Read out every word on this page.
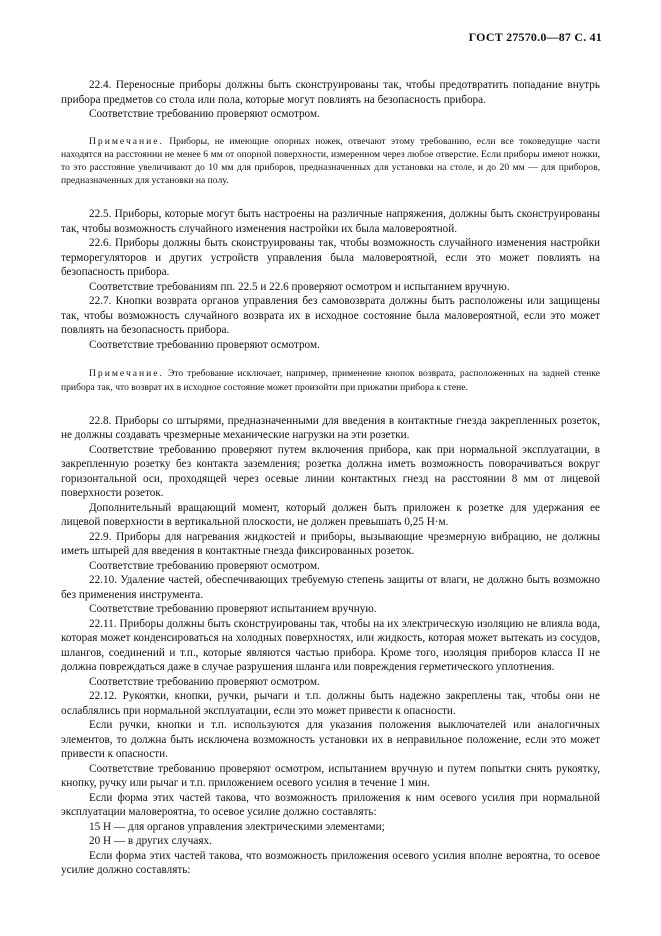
ГОСТ 27570.0—87 С. 41

22.4. Переносные приборы должны быть сконструированы так, чтобы предотвратить попадание внутрь прибора предметов со стола или пола, которые могут повлиять на безопасность прибора.

Соответствие требованию проверяют осмотром.

Примечание. Приборы, не имеющие опорных ножек, отвечают этому требованию, если все токоведущие части находятся на расстоянии не менее 6 мм от опорной поверхности, измеренном через любое отверстие. Если приборы имеют ножки, то это расстояние увеличивают до 10 мм для приборов, предназначенных для установки на столе, и до 20 мм — для приборов, предназначенных для установки на полу.

22.5. Приборы, которые могут быть настроены на различные напряжения, должны быть сконструированы так, чтобы возможность случайного изменения настройки их была маловероятной.

22.6. Приборы должны быть сконструированы так, чтобы возможность случайного изменения настройки терморегуляторов и других устройств управления была маловероятной, если это может повлиять на безопасность прибора.

Соответствие требованиям пп. 22.5 и 22.6 проверяют осмотром и испытанием вручную.

22.7. Кнопки возврата органов управления без самовозврата должны быть расположены или защищены так, чтобы возможность случайного возврата их в исходное состояние была маловероятной, если это может повлиять на безопасность прибора.

Соответствие требованию проверяют осмотром.

Примечание. Это требование исключает, например, применение кнопок возврата, расположенных на задней стенке прибора так, что возврат их в исходное состояние может произойти при прижатии прибора к стене.

22.8. Приборы со штырями, предназначенными для введения в контактные гнезда закрепленных розеток, не должны создавать чрезмерные механические нагрузки на эти розетки.

Соответствие требованию проверяют путем включения прибора, как при нормальной эксплуатации, в закрепленную розетку без контакта заземления; розетка должна иметь возможность поворачиваться вокруг горизонтальной оси, проходящей через осевые линии контактных гнезд на расстоянии 8 мм от лицевой поверхности розеток.

Дополнительный вращающий момент, который должен быть приложен к розетке для удержания ее лицевой поверхности в вертикальной плоскости, не должен превышать 0,25 Н·м.

22.9. Приборы для нагревания жидкостей и приборы, вызывающие чрезмерную вибрацию, не должны иметь штырей для введения в контактные гнезда фиксированных розеток.

Соответствие требованию проверяют осмотром.

22.10. Удаление частей, обеспечивающих требуемую степень защиты от влаги, не должно быть возможно без применения инструмента.

Соответствие требованию проверяют испытанием вручную.

22.11. Приборы должны быть сконструированы так, чтобы на их электрическую изоляцию не влияла вода, которая может конденсироваться на холодных поверхностях, или жидкость, которая может вытекать из сосудов, шлангов, соединений и т.п., которые являются частью прибора. Кроме того, изоляция приборов класса II не должна повреждаться даже в случае разрушения шланга или повреждения герметического уплотнения.

Соответствие требованию проверяют осмотром.

22.12. Рукоятки, кнопки, ручки, рычаги и т.п. должны быть надежно закреплены так, чтобы они не ослаблялись при нормальной эксплуатации, если это может привести к опасности.

Если ручки, кнопки и т.п. используются для указания положения выключателей или аналогичных элементов, то должна быть исключена возможность установки их в неправильное положение, если это может привести к опасности.

Соответствие требованию проверяют осмотром, испытанием вручную и путем попытки снять рукоятку, кнопку, ручку или рычаг и т.п. приложением осевого усилия в течение 1 мин.

Если форма этих частей такова, что возможность приложения к ним осевого усилия при нормальной эксплуатации маловероятна, то осевое усилие должно составлять:

15 Н — для органов управления электрическими элементами;

20 Н — в других случаях.

Если форма этих частей такова, что возможность приложения осевого усилия вполне вероятна, то осевое усилие должно составлять:
